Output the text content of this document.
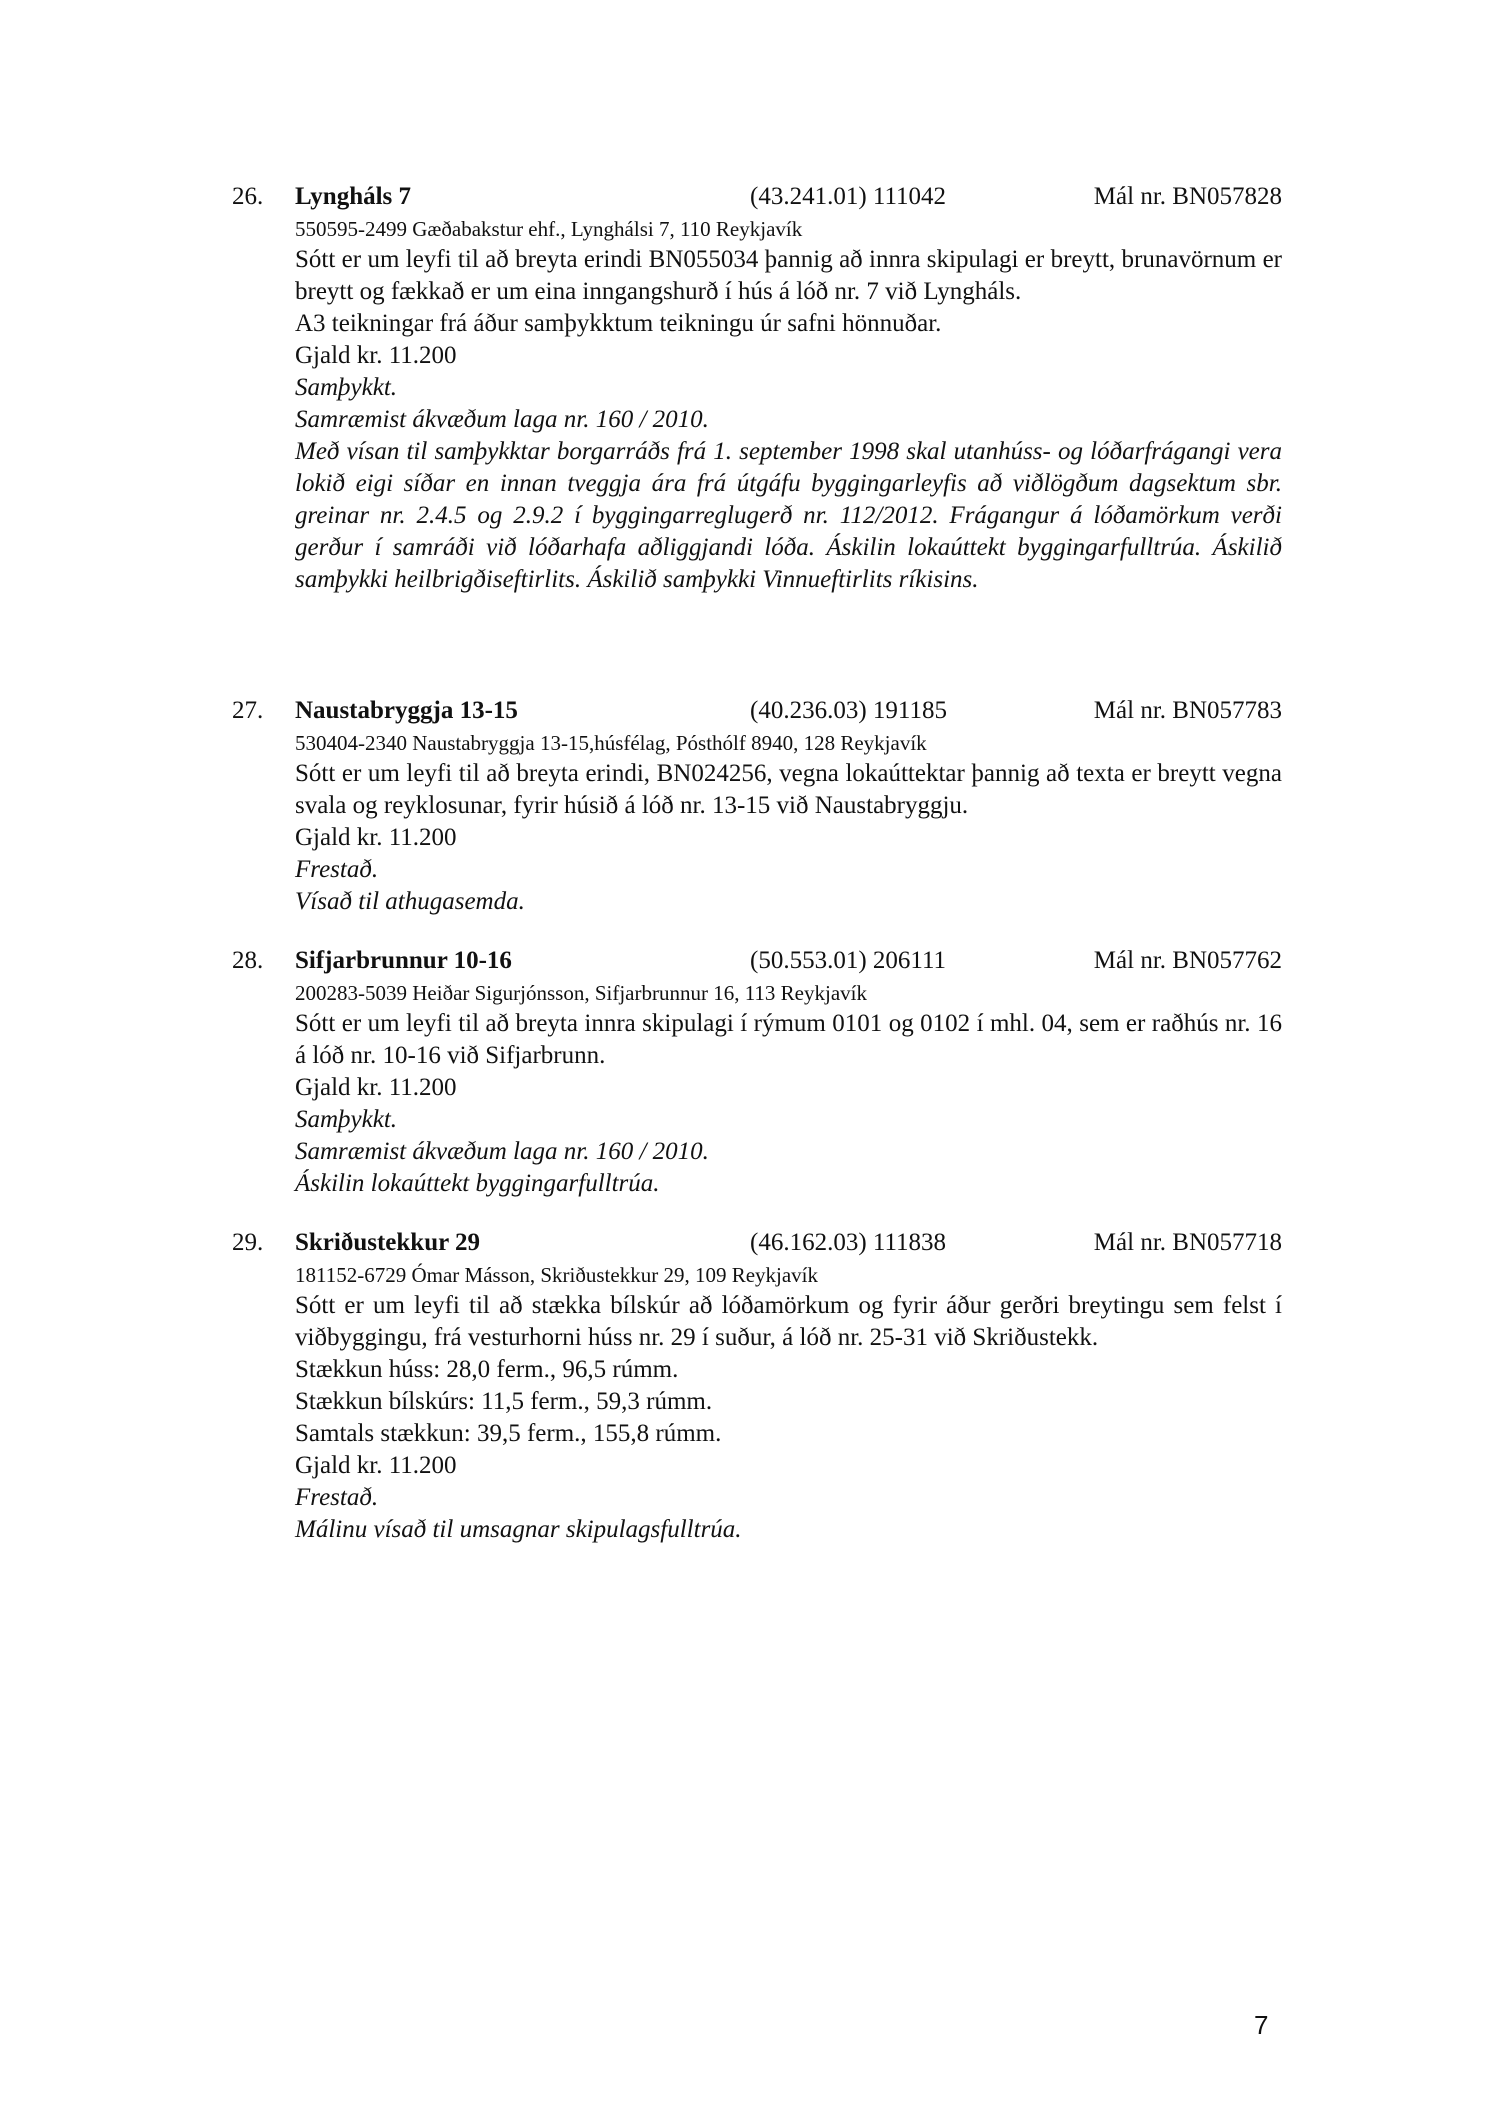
26. Lyngháls 7	(43.241.01) 111042	Mál nr. BN057828
550595-2499 Gæðabakstur ehf., Lynghálsi 7, 110 Reykjavík
Sótt er um leyfi til að breyta erindi BN055034 þannig að innra skipulagi er breytt, brunavörnum er breytt og fækkað er um eina inngangshurð í hús á lóð nr. 7 við Lyngháls.
A3 teikningar frá áður samþykktum teikningu úr safni hönnuðar.
Gjald kr. 11.200
Samþykkt.
Samræmist ákvæðum laga nr. 160 / 2010.
Með vísan til samþykktar borgarráðs frá 1. september 1998 skal utanhúss- og lóðarfrágangi vera lokið eigi síðar en innan tveggja ára frá útgáfu byggingarleyfis að viðlögðum dagsektum sbr. greinar nr. 2.4.5 og 2.9.2 í byggingarreglugerð nr. 112/2012. Frágangur á lóðamörkum verði gerður í samráði við lóðarhafa aðliggjandi lóða. Áskilin lokaúttekt byggingarfulltrúa. Áskilið samþykki heilbrigðiseftirlits. Áskilið samþykki Vinnueftirlits ríkisins.
27. Naustabryggja 13-15	(40.236.03) 191185	Mál nr. BN057783
530404-2340 Naustabryggja 13-15,húsfélag, Pósthólf 8940, 128 Reykjavík
Sótt er um leyfi til að breyta erindi, BN024256, vegna lokaúttektar þannig að texta er breytt vegna svala og reyklosunar, fyrir húsið á lóð nr. 13-15 við Naustabryggju.
Gjald kr. 11.200
Frestað.
Vísað til athugasemda.
28. Sifjarbrunnur 10-16	(50.553.01) 206111	Mál nr. BN057762
200283-5039 Heiðar Sigurjónsson, Sifjarbrunnur 16, 113 Reykjavík
Sótt er um leyfi til að breyta innra skipulagi í rýmum 0101 og 0102 í mhl. 04, sem er raðhús nr. 16 á lóð nr. 10-16 við Sifjarbrunn.
Gjald kr. 11.200
Samþykkt.
Samræmist ákvæðum laga nr. 160 / 2010.
Áskilin lokaúttekt byggingarfulltrúa.
29. Skriðustekkur 29	(46.162.03) 111838	Mál nr. BN057718
181152-6729 Ómar Másson, Skriðustekkur 29, 109 Reykjavík
Sótt er um leyfi til að stækka bílskúr að lóðamörkum og fyrir áður gerðri breytingu sem felst í viðbyggingu, frá vesturhorni húss nr. 29 í suður, á lóð nr. 25-31 við Skriðustekk.
Stækkun húss: 28,0 ferm., 96,5 rúmm.
Stækkun bílskúrs: 11,5 ferm., 59,3 rúmm.
Samtals stækkun: 39,5 ferm., 155,8 rúmm.
Gjald kr. 11.200
Frestað.
Málinu vísað til umsagnar skipulagsfulltrúa.
7
